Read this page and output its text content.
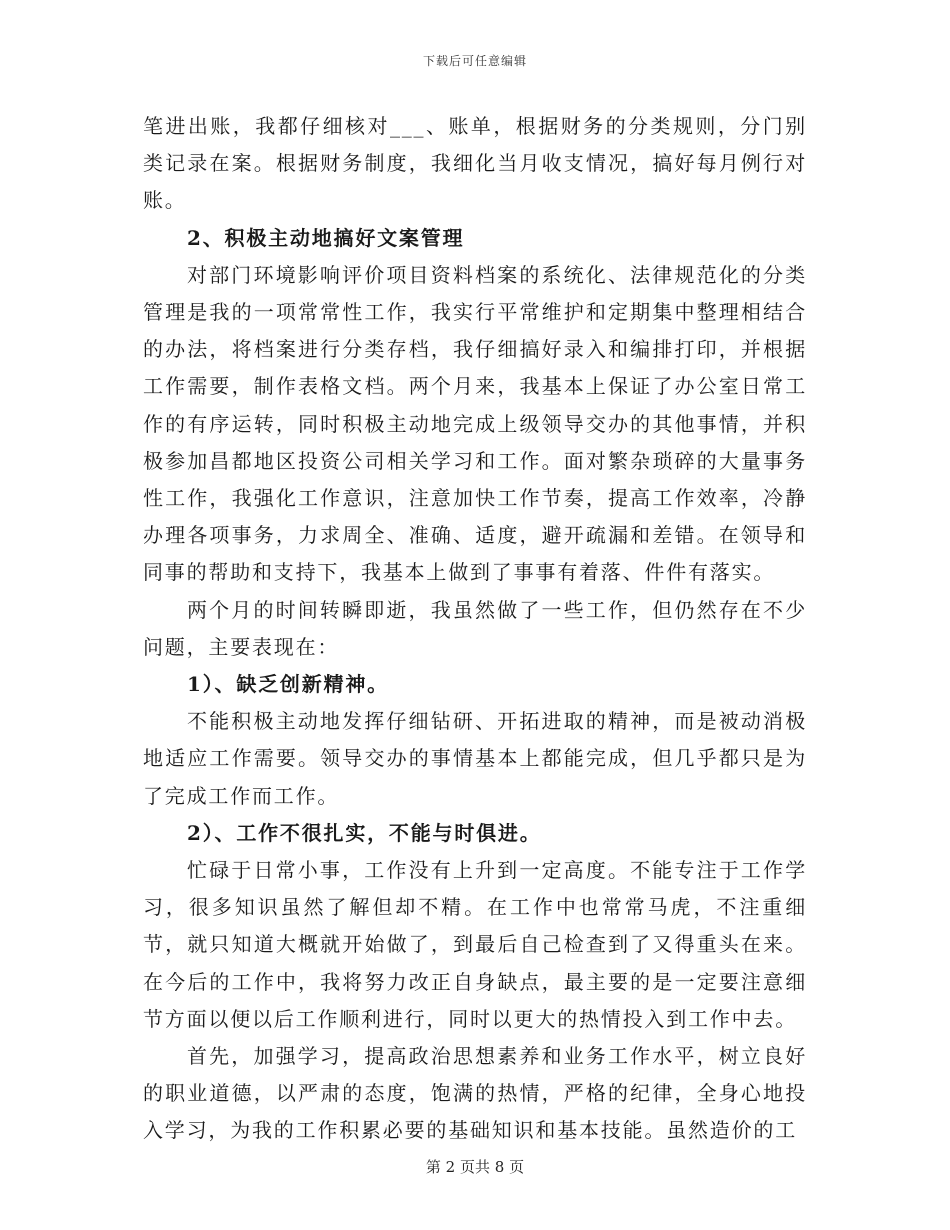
下载后可任意编辑

笔进出账，我都仔细核对___、账单，根据财务的分类规则，分门别类记录在案。根据财务制度，我细化当月收支情况，搞好每月例行对账。

2、积极主动地搞好文案管理

对部门环境影响评价项目资料档案的系统化、法律规范化的分类管理是我的一项常常性工作，我实行平常维护和定期集中整理相结合的办法，将档案进行分类存档，我仔细搞好录入和编排打印，并根据工作需要，制作表格文档。两个月来，我基本上保证了办公室日常工作的有序运转，同时积极主动地完成上级领导交办的其他事情，并积极参加昌都地区投资公司相关学习和工作。面对繁杂琐碎的大量事务性工作，我强化工作意识，注意加快工作节奏，提高工作效率，冷静办理各项事务，力求周全、准确、适度，避开疏漏和差错。在领导和同事的帮助和支持下，我基本上做到了事事有着落、件件有落实。

两个月的时间转瞬即逝，我虽然做了一些工作，但仍然存在不少问题，主要表现在：

1）、缺乏创新精神。

不能积极主动地发挥仔细钻研、开拓进取的精神，而是被动消极地适应工作需要。领导交办的事情基本上都能完成，但几乎都只是为了完成工作而工作。

2）、工作不很扎实，不能与时俱进。

忙碌于日常小事，工作没有上升到一定高度。不能专注于工作学习，很多知识虽然了解但却不精。在工作中也常常马虎，不注重细节，就只知道大概就开始做了，到最后自己检查到了又得重头在来。在今后的工作中，我将努力改正自身缺点，最主要的是一定要注意细节方面以便以后工作顺利进行，同时以更大的热情投入到工作中去。

首先，加强学习，提高政治思想素养和业务工作水平，树立良好的职业道德，以严肃的态度，饱满的热情，严格的纪律，全身心地投入学习，为我的工作积累必要的基础知识和基本技能。虽然造价的工

第 2 页共 8 页
